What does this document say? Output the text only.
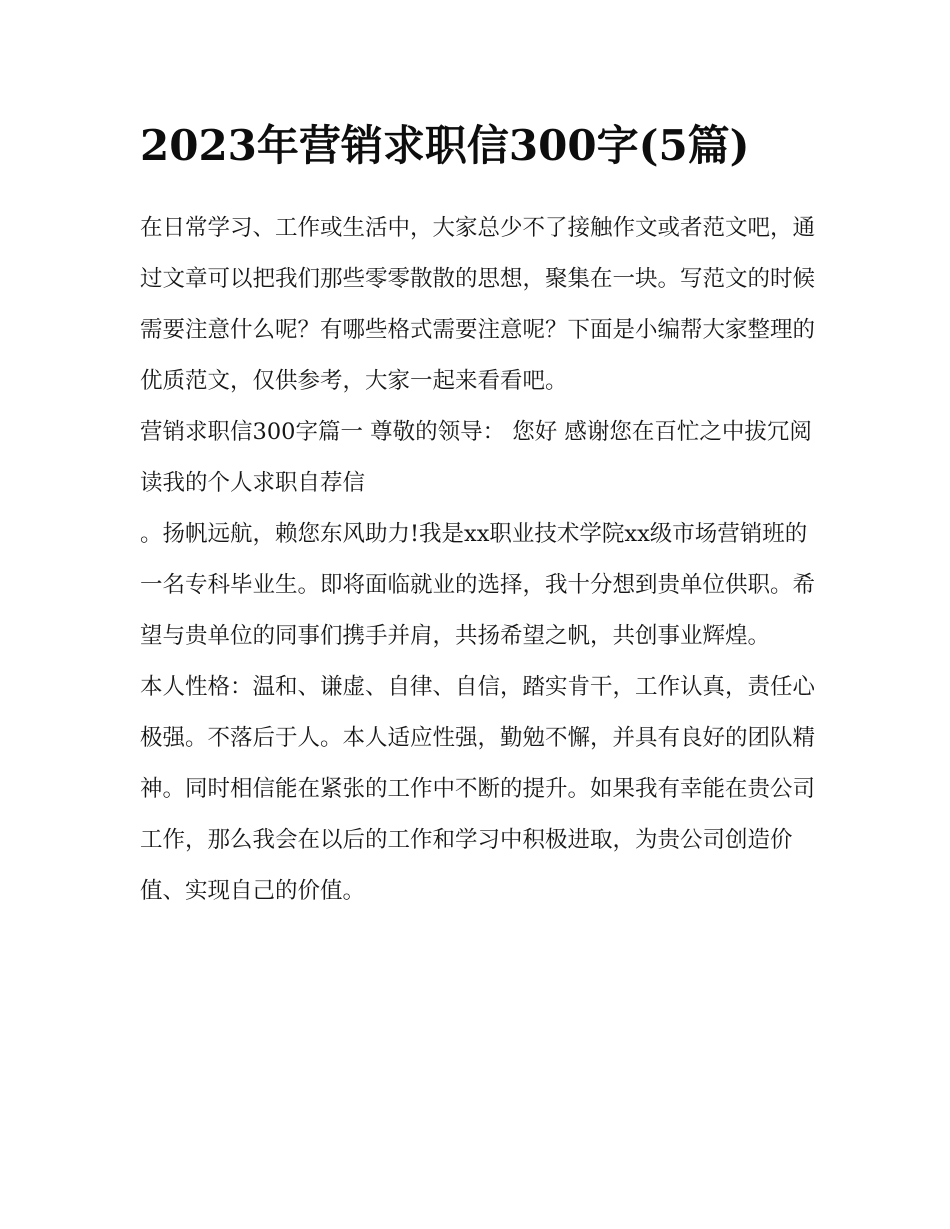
2023年营销求职信300字(5篇)

在日常学习、工作或生活中，大家总少不了接触作文或者范文吧，通过文章可以把我们那些零零散散的思想，聚集在一块。写范文的时候需要注意什么呢？有哪些格式需要注意呢？下面是小编帮大家整理的优质范文，仅供参考，大家一起来看看吧。

营销求职信300字篇一 尊敬的领导： 您好 感谢您在百忙之中拔冗阅读我的个人求职自荐信

。扬帆远航，赖您东风助力!我是xx职业技术学院xx级市场营销班的一名专科毕业生。即将面临就业的选择，我十分想到贵单位供职。希望与贵单位的同事们携手并肩，共扬希望之帆，共创事业辉煌。

本人性格：温和、谦虚、自律、自信，踏实肯干，工作认真，责任心极强。不落后于人。本人适应性强，勤勉不懈，并具有良好的团队精神。同时相信能在紧张的工作中不断的提升。如果我有幸能在贵公司工作，那么我会在以后的工作和学习中积极进取，为贵公司创造价值、实现自己的价值。
